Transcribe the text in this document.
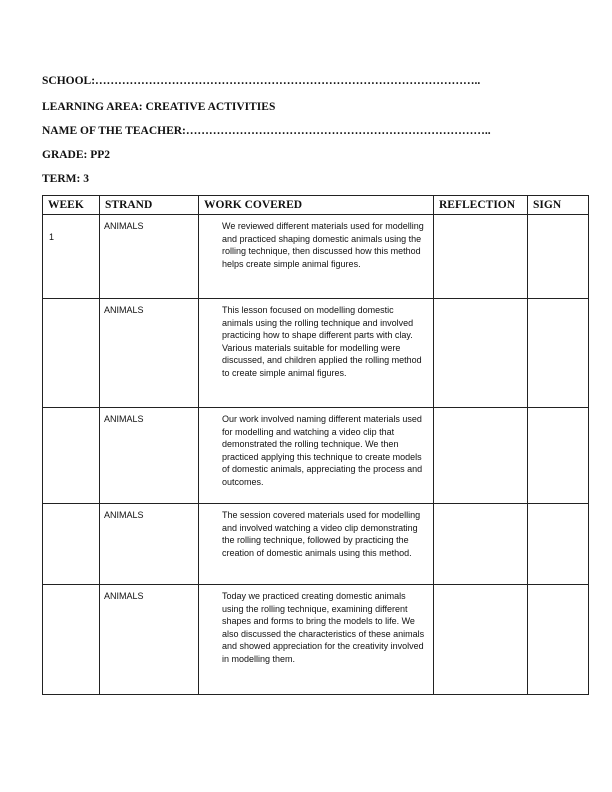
SCHOOL:………………………………………………………………………………………..
LEARNING AREA: CREATIVE ACTIVITIES
NAME OF THE TEACHER:……………………………………………………………………..
GRADE: PP2
TERM: 3
WEEK	STRAND	WORK COVERED	REFLECTION	SIGN
1	ANIMALS	We reviewed different materials used for modelling and practiced shaping domestic animals using the rolling technique, then discussed how this method helps create simple animal figures.		

	ANIMALS	This lesson focused on modelling domestic animals using the rolling technique and involved practicing how to shape different parts with clay. Various materials suitable for modelling were discussed, and children applied the rolling method to create simple animal figures.		

	ANIMALS	Our work involved naming different materials used for modelling and watching a video clip that demonstrated the rolling technique. We then practiced applying this technique to create models of domestic animals, appreciating the process and outcomes.		

	ANIMALS	The session covered materials used for modelling and involved watching a video clip demonstrating the rolling technique, followed by practicing the creation of domestic animals using this method.		

	ANIMALS	Today we practiced creating domestic animals using the rolling technique, examining different shapes and forms to bring the models to life. We also discussed the characteristics of these animals and showed appreciation for the creativity involved in modelling them.		
